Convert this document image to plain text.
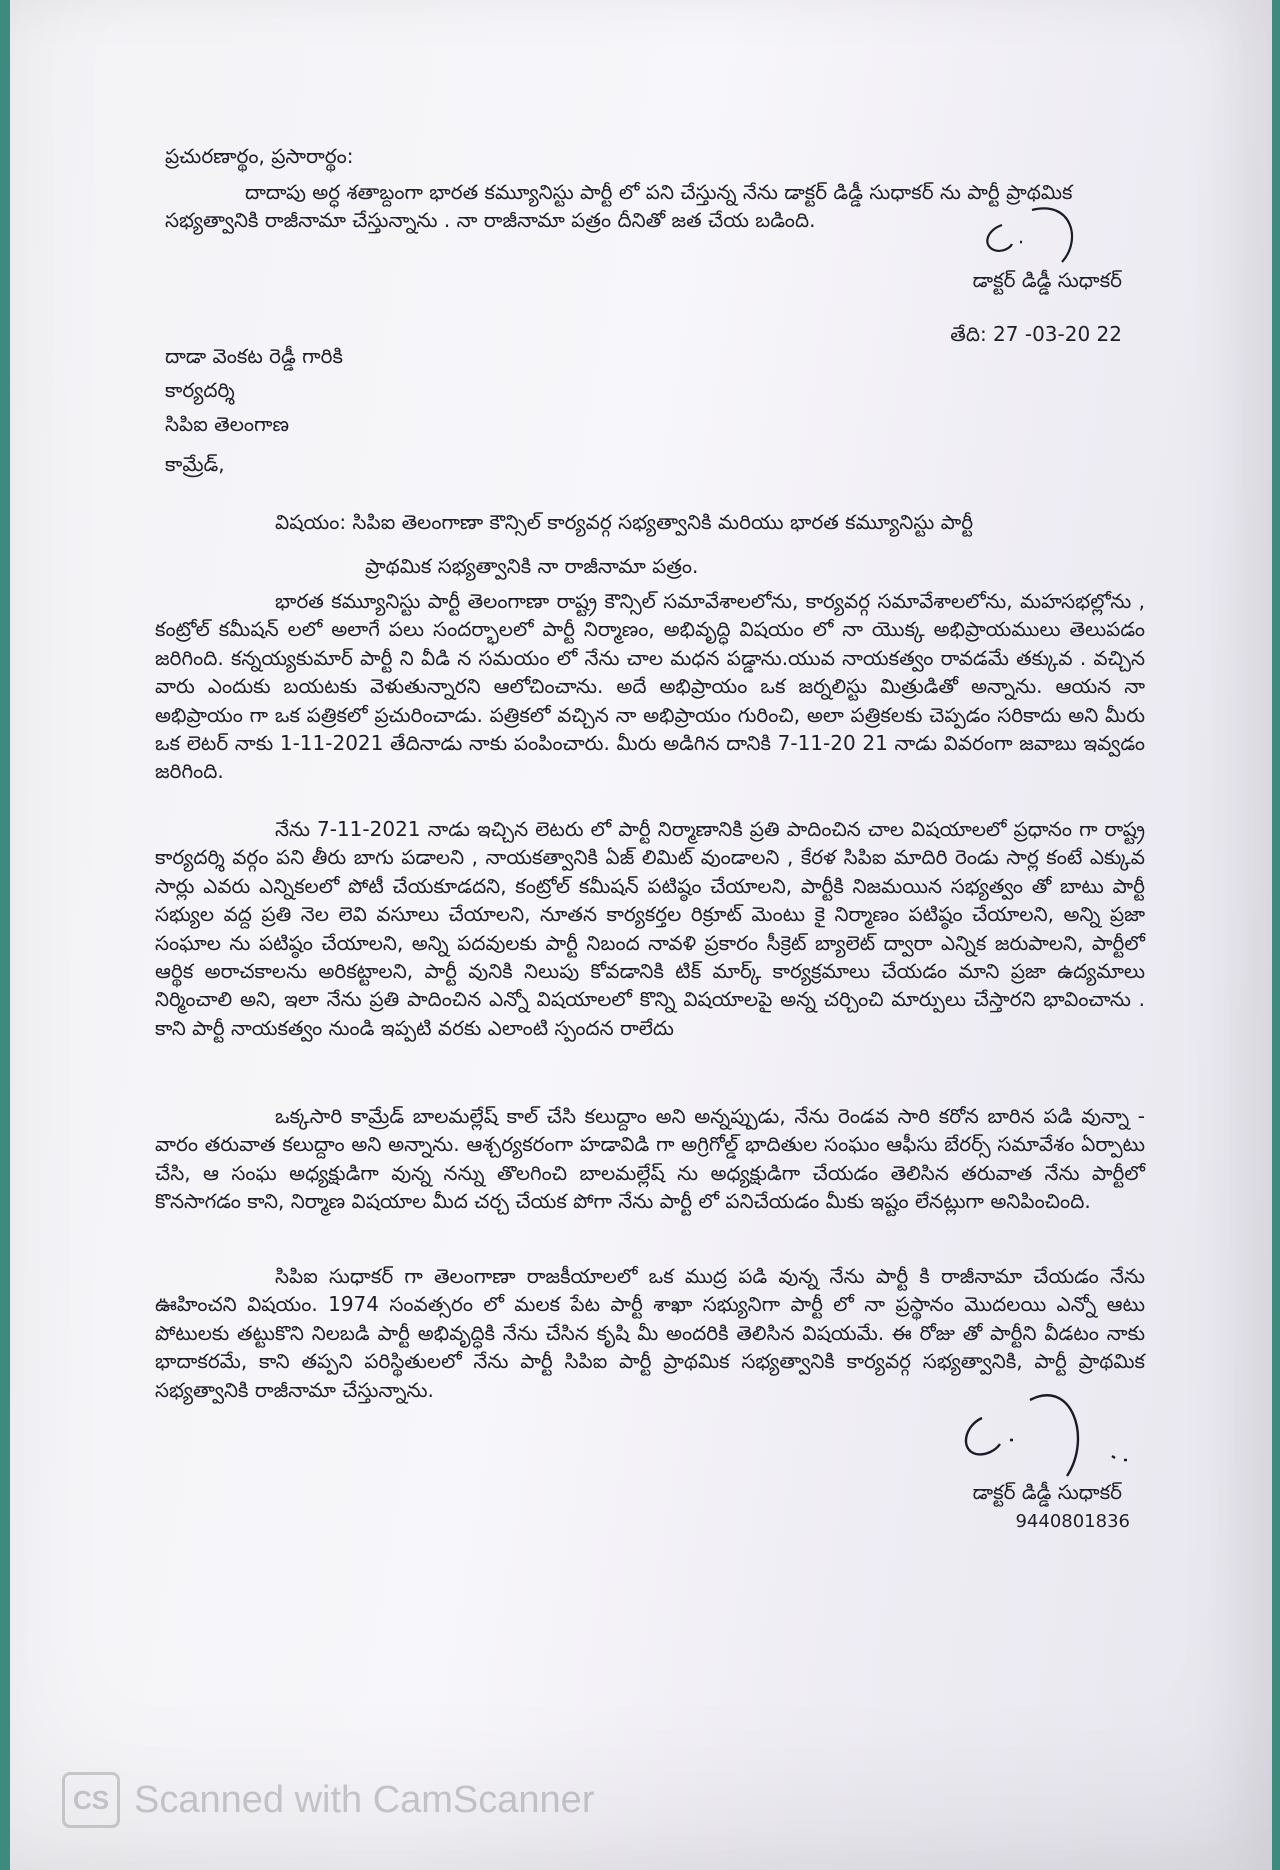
ప్రచురణార్థం, ప్రసారార్థం:
దాదాపు అర్ధ శతాబ్దంగా భారత కమ్యూనిస్టు పార్టీ లో పని చేస్తున్న నేను డాక్టర్ డిడ్డీ సుధాకర్ ను పార్టీ ప్రాథమిక సభ్యత్వానికి రాజీనామా చేస్తున్నాను . నా రాజీనామా పత్రం దీనితో జత చేయ బడింది.
డాక్టర్ డిడ్డీ సుధాకర్
తేది: 27 -03-20 22
దాడా వెంకట రెడ్డీ గారికి
కార్యదర్శి
సిపిఐ తెలంగాణ
కామ్రేడ్,
విషయం: సిపిఐ తెలంగాణా కౌన్సిల్ కార్యవర్గ సభ్యత్వానికి మరియు భారత కమ్యూనిస్టు పార్టీ
ప్రాథమిక సభ్యత్వానికి నా రాజీనామా పత్రం.
భారత కమ్యూనిస్టు పార్టీ తెలంగాణా రాష్ట్ర కౌన్సిల్ సమావేశాలలోను, కార్యవర్గ సమావేశాలలోను, మహసభల్లోను , కంట్రోల్ కమీషన్ లలో అలాగే పలు సందర్భాలలో పార్టీ నిర్మాణం, అభివృద్ధి విషయం లో నా యొక్క అభిప్రాయములు తెలుపడం జరిగింది. కన్నయ్యకుమార్ పార్టీ ని వీడి న సమయం లో నేను చాల మధన పడ్డాను.యువ నాయకత్వం రావడమే తక్కువ . వచ్చిన వారు ఎందుకు బయటకు వెళుతున్నారని ఆలోచించాను. అదే అభిప్రాయం ఒక జర్నలిస్టు మిత్రుడితో అన్నాను. ఆయన నా అభిప్రాయం గా ఒక పత్రికలో ప్రచురించాడు. పత్రికలో వచ్చిన నా అభిప్రాయం గురించి, అలా పత్రికలకు చెప్పడం సరికాదు అని మీరు ఒక లెటర్ నాకు 1-11-2021 తేదినాడు నాకు పంపించారు. మీరు అడిగిన దానికి 7-11-20 21 నాడు వివరంగా జవాబు ఇవ్వడం జరిగింది.
నేను 7-11-2021 నాడు ఇచ్చిన లెటరు లో పార్టీ నిర్మాణానికి ప్రతి పాదించిన చాల విషయాలలో ప్రధానం గా రాష్ట్ర కార్యదర్శి వర్గం పని తీరు బాగు పడాలని , నాయకత్వానికి ఏజ్ లిమిట్ వుండాలని , కేరళ సిపిఐ మాదిరి రెండు సార్ల కంటే ఎక్కువ సార్లు ఎవరు ఎన్నికలలో పోటీ చేయకూడదని, కంట్రోల్ కమీషన్ పటిష్ఠం చేయాలని, పార్టీకి నిజమయిన సభ్యత్వం తో బాటు పార్టీ సభ్యుల వద్ద ప్రతి నెల లెవి వసూలు చేయాలని, నూతన కార్యకర్తల రిక్రూట్ మెంటు కై నిర్మాణం పటిష్ఠం చేయాలని, అన్ని ప్రజా సంఘాల ను పటిష్ఠం చేయాలని, అన్ని పదవులకు పార్టీ నిబంద నావళి ప్రకారం సీక్రెట్ బ్యాలెట్ ద్వారా ఎన్నిక జరుపాలని, పార్టీలో ఆర్థిక అరాచకాలను అరికట్టాలని, పార్టీ వునికి నిలుపు కోవడానికి టిక్ మార్క్ కార్యక్రమాలు చేయడం మాని ప్రజా ఉద్యమాలు నిర్మించాలి అని, ఇలా నేను ప్రతి పాదించిన ఎన్నో విషయాలలో కొన్ని విషయాలపై అన్న చర్చించి మార్పులు చేస్తారని భావించాను . కాని పార్టీ నాయకత్వం నుండి ఇప్పటి వరకు ఎలాంటి స్పందన రాలేదు
ఒక్కసారి కామ్రేడ్ బాలమల్లేష్ కాల్ చేసి కలుద్దాం అని అన్నప్పుడు, నేను రెండవ సారి కరోన బారిన పడి వున్నా - వారం తరువాత కలుద్దాం అని అన్నాను. ఆశ్చర్యకరంగా హడావిడి గా అగ్రిగోల్డ్ భాదితుల సంఘం ఆఫీసు బేరర్స్ సమావేశం ఏర్పాటు చేసి, ఆ సంఘ అధ్యక్షుడిగా వున్న నన్ను తొలగించి బాలమల్లేష్ ను అధ్యక్షుడిగా చేయడం తెలిసిన తరువాత నేను పార్టీలో కొనసాగడం కాని, నిర్మాణ విషయాల మీద చర్చ చేయక పోగా నేను పార్టీ లో పనిచేయడం మీకు ఇష్టం లేనట్లుగా అనిపించింది.
సిపిఐ సుధాకర్ గా తెలంగాణా రాజకీయాలలో ఒక ముద్ర పడి వున్న నేను పార్టీ కి రాజీనామా చేయడం నేను ఊహించని విషయం. 1974 సంవత్సరం లో మలక పేట పార్టీ శాఖా సభ్యునిగా పార్టీ లో నా ప్రస్థానం మొదలయి ఎన్నో ఆటు పోటులకు తట్టుకొని నిలబడి పార్టీ అభివృద్ధికి నేను చేసిన కృషి మీ అందరికి తెలిసిన విషయమే. ఈ రోజు తో పార్టీని వీడటం నాకు భాదాకరమే, కాని తప్పని పరిస్థితులలో నేను పార్టీ సిపిఐ పార్టీ ప్రాథమిక సభ్యత్వానికి కార్యవర్గ సభ్యత్వానికి, పార్టీ ప్రాథమిక సభ్యత్వానికి రాజీనామా చేస్తున్నాను.
డాక్టర్ డిడ్డీ సుధాకర్
9440801836
CS Scanned with CamScanner
